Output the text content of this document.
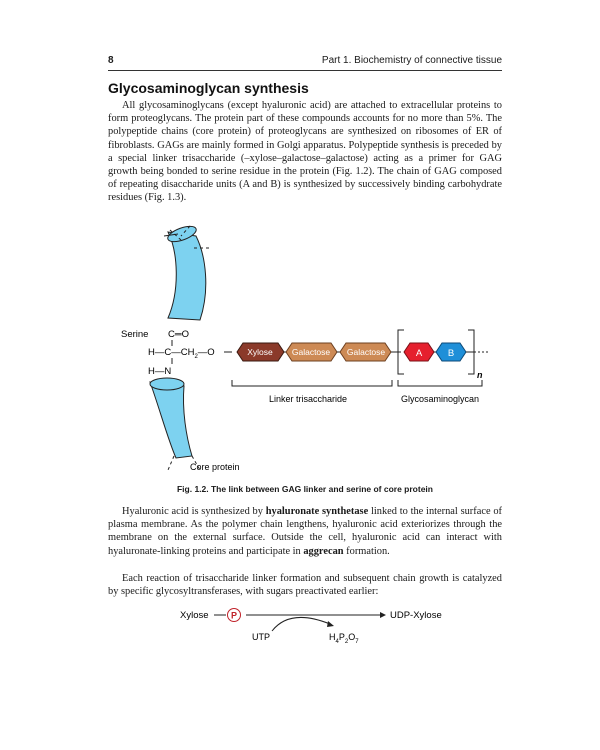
8	Part 1. Biochemistry of connective tissue
Glycosaminoglycan synthesis

All glycosaminoglycans (except hyaluronic acid) are attached to extracellular proteins to form proteoglycans. The protein part of these compounds accounts for no more than 5%. The polypeptide chains (core protein) of proteoglycans are synthesized on ribosomes of ER of fibroblasts. GAGs are mainly formed in Golgi apparatus. Polypeptide synthesis is preceded by a special linker trisaccharide (–xylose–galactose–galactose) acting as a primer for GAG growth being bonded to serine residue in the protein (Fig. 1.2). The chain of GAG composed of repeating disaccharide units (A and B) is synthesized by successively binding carbohydrate residues (Fig. 1.3).

Serine C═O
$H—C—CH_2—O$
H—N
Xylose Galactose Galactose	A	B
n
Linker trisaccharide	Glycosaminoglycan
Core protein
Xylose P	UDP-Xylose
UTP	$H_4P_2O_7$
Fig. 1.2. The link between GAG linker and serine of core protein

Hyaluronic acid is synthesized by hyaluronate synthetase linked to the internal surface of plasma membrane. As the polymer chain lengthens, hyaluronic acid exteriorizes through the membrane on the external surface. Outside the cell, hyaluronic acid can interact with hyaluronate-linking proteins and participate in aggrecan formation.

Each reaction of trisaccharide linker formation and subsequent chain growth is catalyzed by specific glycosyltransferases, with sugars preactivated earlier:
